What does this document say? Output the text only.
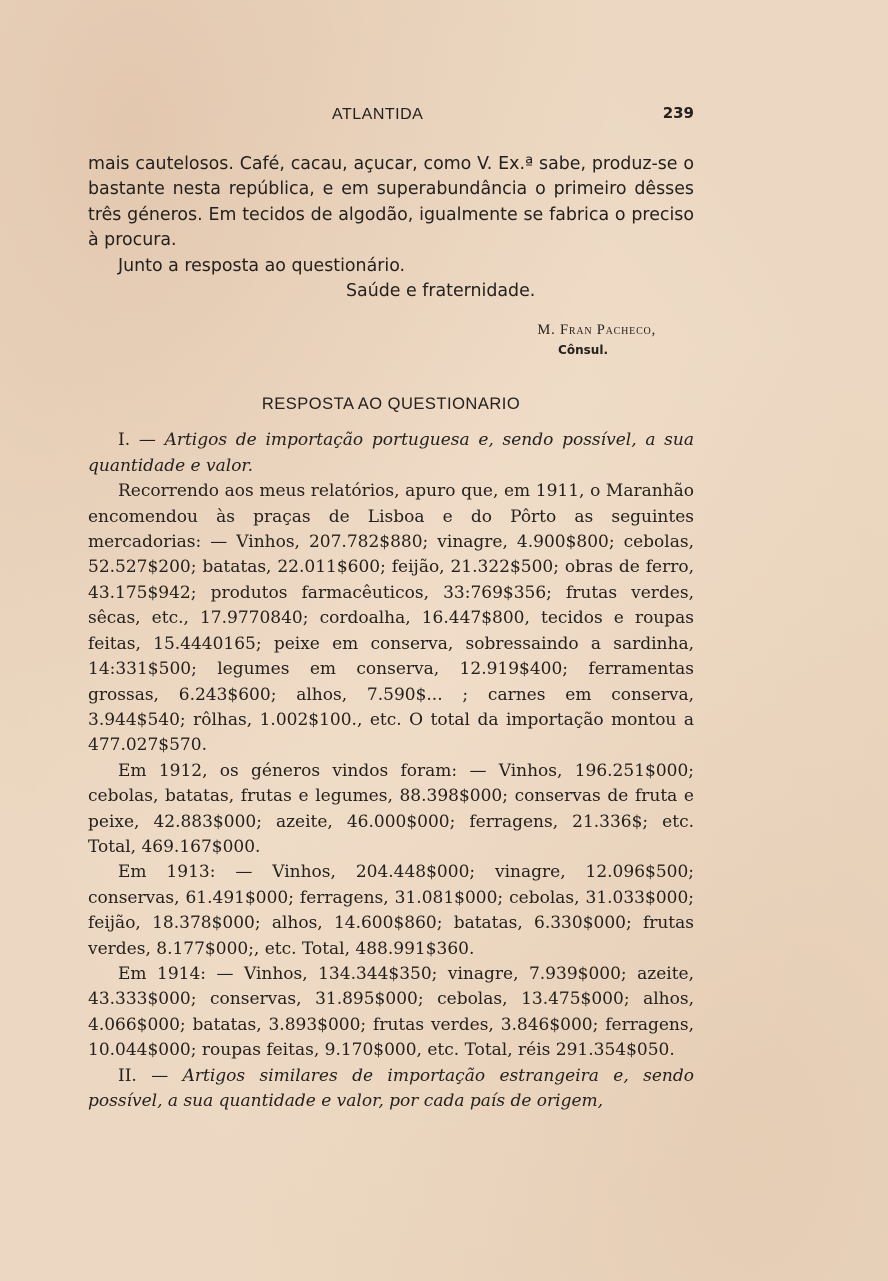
ATLANTIDA	239

mais cautelosos. Café, cacau, açucar, como V. Ex.ª sabe, produz-se o bastante nesta república, e em superabundância o primeiro dêsses três géneros. Em tecidos de algodão, igualmente se fabrica o preciso à procura.

Junto a resposta ao questionário.

Saúde e fraternidade.

M. Fran Pacheco,
Cônsul.
RESPOSTA AO QUESTIONARIO

I. — Artigos de importação portuguesa e, sendo possível, a sua quantidade e valor.

Recorrendo aos meus relatórios, apuro que, em 1911, o Maranhão encomendou às praças de Lisboa e do Pôrto as seguintes mercadorias: — Vinhos, 207.782$880; vinagre, 4.900$800; cebolas, 52.527$200; batatas, 22.011$600; feijão, 21.322$500; obras de ferro, 43.175$942; produtos farmacêuticos, 33:769$356; frutas verdes, sêcas, etc., 17.9770840; cordoalha, 16.447$800, tecidos e roupas feitas, 15.4440165; peixe em conserva, sobressaindo a sardinha, 14:331$500; legumes em conserva, 12.919$400; ferramentas grossas, 6.243$600; alhos, 7.590$... ; carnes em conserva, 3.944$540; rôlhas, 1.002$100., etc. O total da importação montou a 477.027$570.

Em 1912, os géneros vindos foram: — Vinhos, 196.251$000; cebolas, batatas, frutas e legumes, 88.398$000; conservas de fruta e peixe, 42.883$000; azeite, 46.000$000; ferragens, 21.336$; etc. Total, 469.167$000.

Em 1913: — Vinhos, 204.448$000; vinagre, 12.096$500; conservas, 61.491$000; ferragens, 31.081$000; cebolas, 31.033$000; feijão, 18.378$000; alhos, 14.600$860; batatas, 6.330$000; frutas verdes, 8.177$000;, etc. Total, 488.991$360.

Em 1914: — Vinhos, 134.344$350; vinagre, 7.939$000; azeite, 43.333$000; conservas, 31.895$000; cebolas, 13.475$000; alhos, 4.066$000; batatas, 3.893$000; frutas verdes, 3.846$000; ferragens, 10.044$000; roupas feitas, 9.170$000, etc. Total, réis 291.354$050.

II. — Artigos similares de importação estrangeira e, sendo possível, a sua quantidade e valor, por cada país de origem,
